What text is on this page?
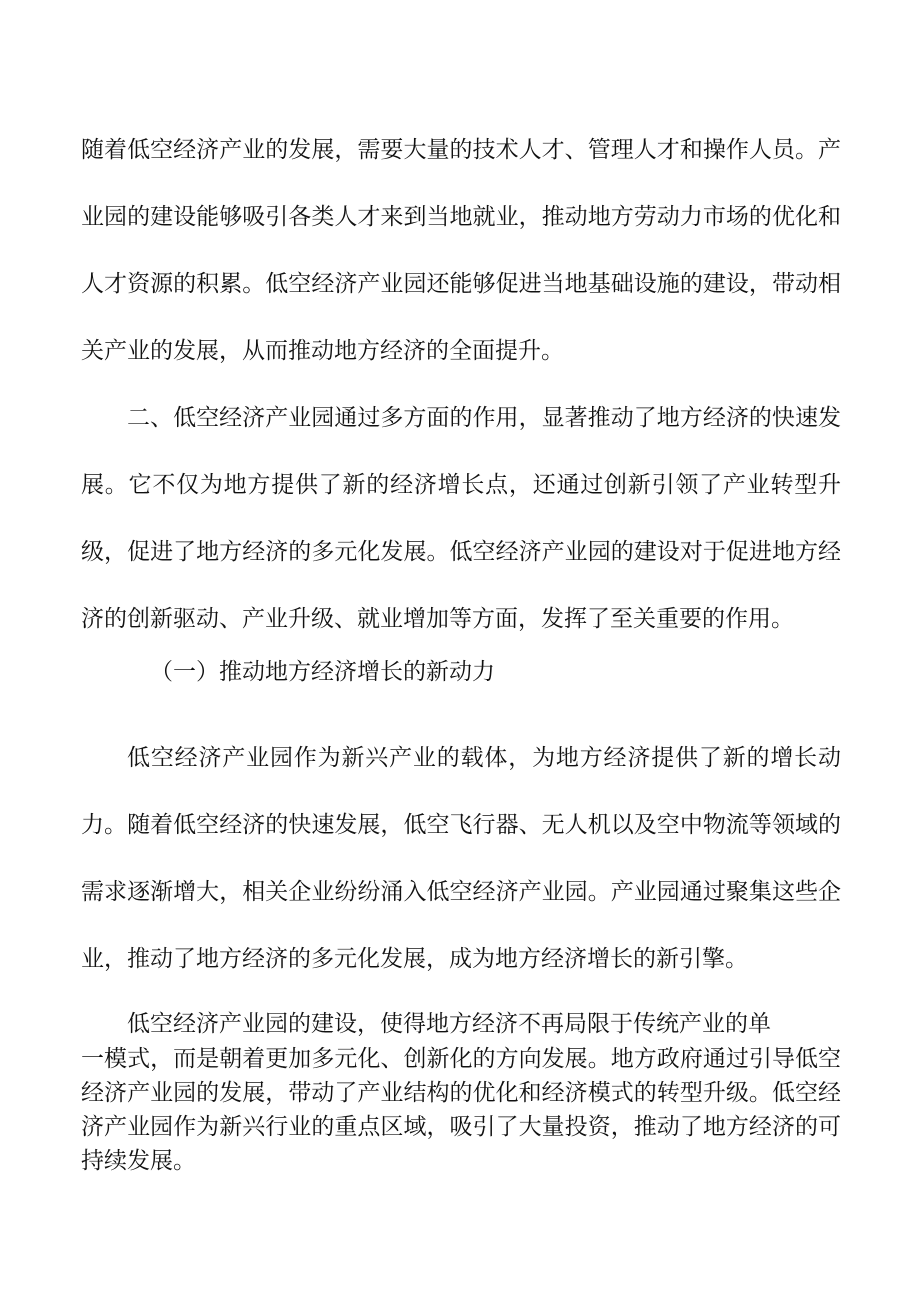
随着低空经济产业的发展，需要大量的技术人才、管理人才和操作人员。产业园的建设能够吸引各类人才来到当地就业，推动地方劳动力市场的优化和人才资源的积累。低空经济产业园还能够促进当地基础设施的建设，带动相关产业的发展，从而推动地方经济的全面提升。

二、低空经济产业园通过多方面的作用，显著推动了地方经济的快速发展。它不仅为地方提供了新的经济增长点，还通过创新引领了产业转型升级，促进了地方经济的多元化发展。低空经济产业园的建设对于促进地方经济的创新驱动、产业升级、就业增加等方面，发挥了至关重要的作用。

（一）推动地方经济增长的新动力

低空经济产业园作为新兴产业的载体，为地方经济提供了新的增长动力。随着低空经济的快速发展，低空飞行器、无人机以及空中物流等领域的需求逐渐增大，相关企业纷纷涌入低空经济产业园。产业园通过聚集这些企业，推动了地方经济的多元化发展，成为地方经济增长的新引擎。

低空经济产业园的建设，使得地方经济不再局限于传统产业的单

一模式，而是朝着更加多元化、创新化的方向发展。地方政府通过引导低空经济产业园的发展，带动了产业结构的优化和经济模式的转型升级。低空经济产业园作为新兴行业的重点区域，吸引了大量投资，推动了地方经济的可持续发展。
